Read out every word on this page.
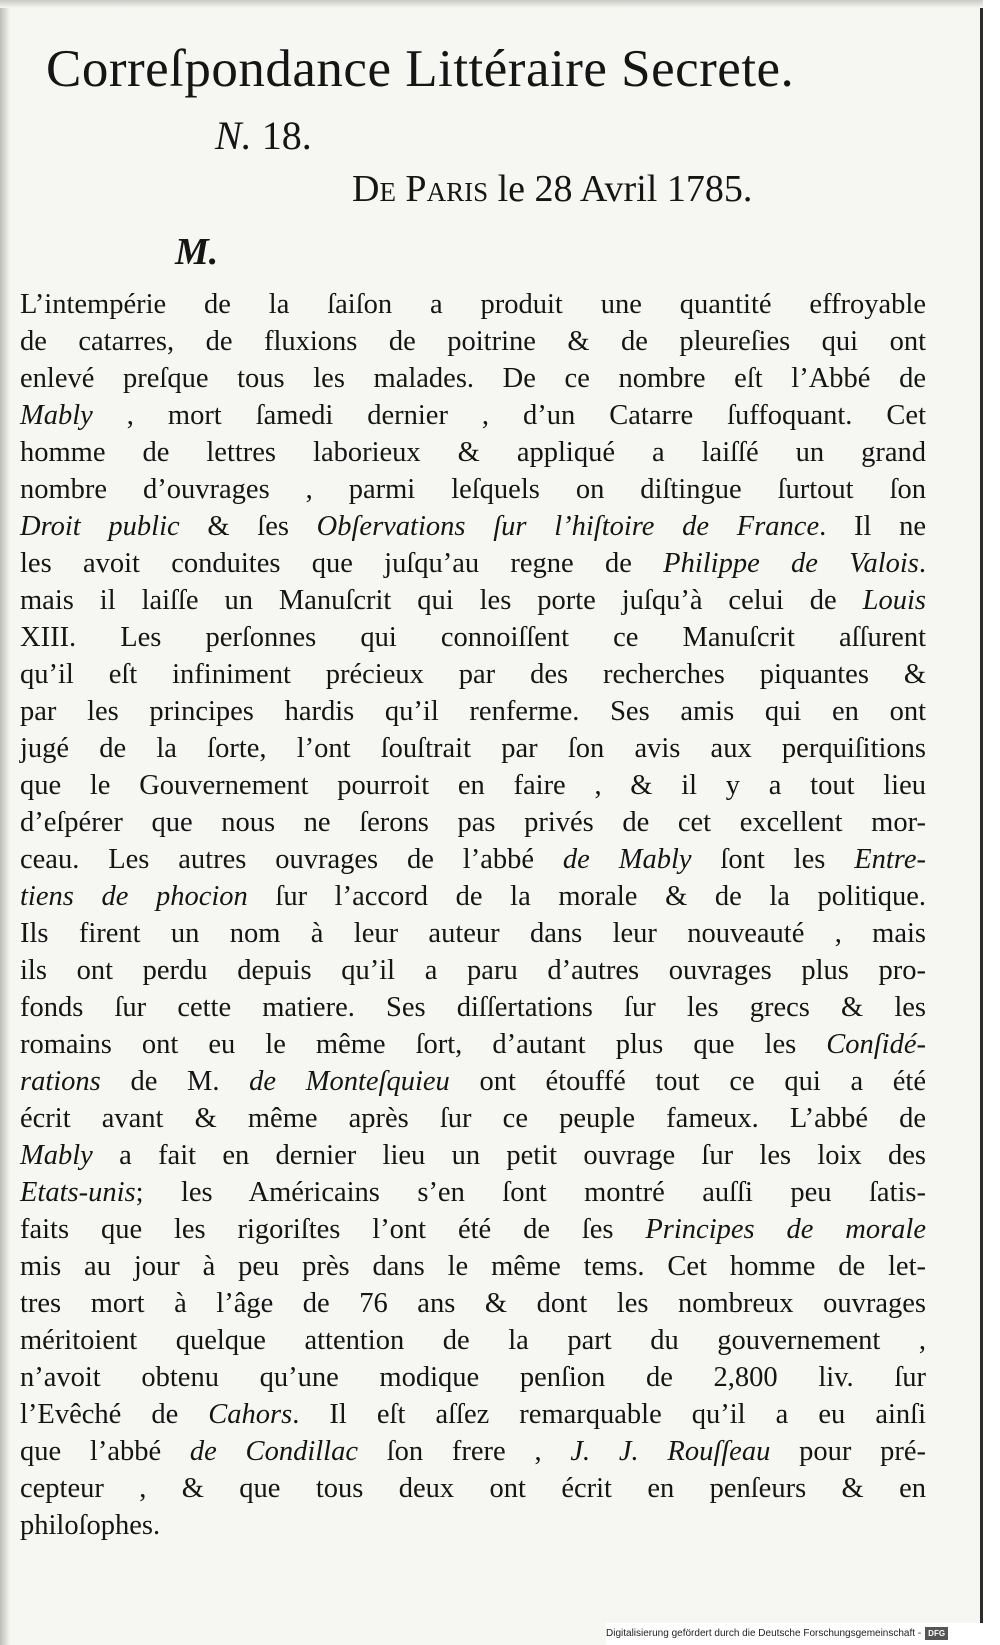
Correſpondance Littéraire Secrete.
N. 18.
De Paris le 28 Avril 1785.
M.
L’intempérie de la ſaiſon a produit une quantité effroyable
de catarres, de fluxions de poitrine & de pleureſies qui ont
enlevé preſque tous les malades. De ce nombre eſt l’Abbé de
Mably , mort ſamedi dernier , d’un Catarre ſuffoquant. Cet
homme de lettres laborieux & appliqué a laiſſé un grand
nombre d’ouvrages , parmi leſquels on diſtingue ſurtout ſon
Droit public & ſes Obſervations ſur l’hiſtoire de France. Il ne
les avoit conduites que juſqu’au regne de Philippe de Valois.
mais il laiſſe un Manuſcrit qui les porte juſqu’à celui de Louis
XIII. Les perſonnes qui connoiſſent ce Manuſcrit aſſurent
qu’il eſt infiniment précieux par des recherches piquantes &
par les principes hardis qu’il renferme. Ses amis qui en ont
jugé de la ſorte, l’ont ſouſtrait par ſon avis aux perquiſitions
que le Gouvernement pourroit en faire , & il y a tout lieu
d’eſpérer que nous ne ſerons pas privés de cet excellent mor-
ceau. Les autres ouvrages de l’abbé de Mably ſont les Entre-
tiens de phocion ſur l’accord de la morale & de la politique.
Ils firent un nom à leur auteur dans leur nouveauté , mais
ils ont perdu depuis qu’il a paru d’autres ouvrages plus pro-
fonds ſur cette matiere. Ses diſſertations ſur les grecs & les
romains ont eu le même ſort, d’autant plus que les Conſidé-
rations de M. de Monteſquieu ont étouffé tout ce qui a été
écrit avant & même après ſur ce peuple fameux. L’abbé de
Mably a fait en dernier lieu un petit ouvrage ſur les loix des
Etats-unis; les Américains s’en ſont montré auſſi peu ſatis-
faits que les rigoriſtes l’ont été de ſes Principes de morale
mis au jour à peu près dans le même tems. Cet homme de let-
tres mort à l’âge de 76 ans & dont les nombreux ouvrages
méritoient quelque attention de la part du gouvernement ,
n’avoit obtenu qu’une modique penſion de 2,800 liv. ſur
l’Evêché de Cahors. Il eſt aſſez remarquable qu’il a eu ainſi
que l’abbé de Condillac ſon frere , J. J. Rouſſeau pour pré-
cepteur , & que tous deux ont écrit en penſeurs & en
philoſophes.
Digitalisierung gefördert durch die Deutsche Forschungsgemeinschaft - DFG
